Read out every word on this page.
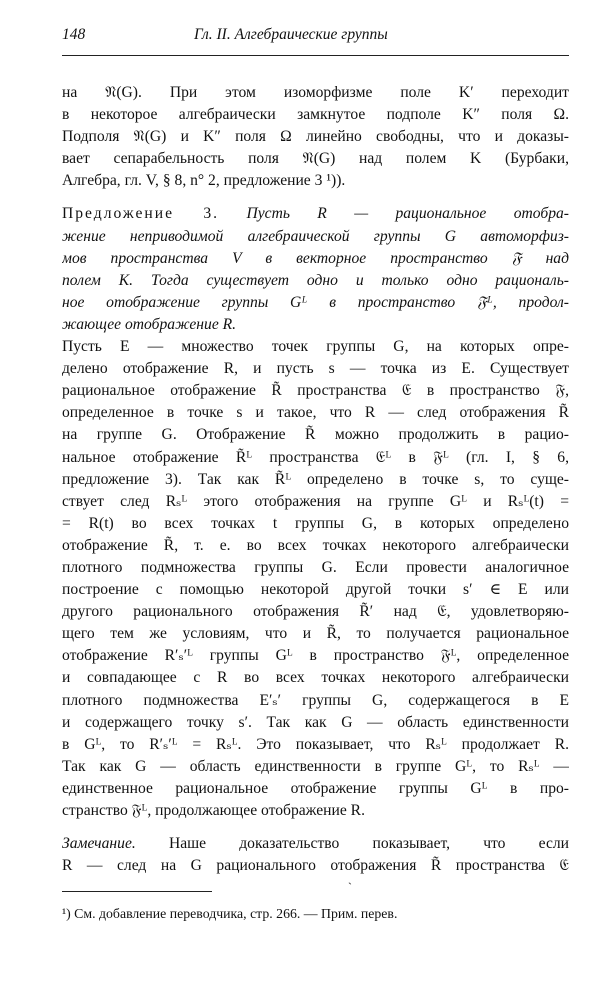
148	Гл. II. Алгебраические группы
на 𝔑(G). При этом изоморфизме поле K′ переходит
в некоторое алгебраически замкнутое подполе K″ поля Ω.
Подполя 𝔑(G) и K″ поля Ω линейно свободны, что и доказы-
вает сепарабельность поля 𝔑(G) над полем K (Бурбаки,
Алгебра, гл. V, § 8, n° 2, предложение 3 ¹)).
Предложение 3. Пусть R — рациональное отобра-
жение неприводимой алгебраической группы G автоморфиз-
мов пространства V в векторное пространство 𝔉 над
полем K. Тогда существует одно и только одно рациональ-
ное отображение группы Gᴸ в пространство 𝔉ᴸ, продол-
жающее отображение R.
Пусть E — множество точек группы G, на которых опре-
делено отображение R, и пусть s — точка из E. Существует
рациональное отображение R̃ пространства 𝔈 в пространство 𝔉,
определенное в точке s и такое, что R — след отображения R̃
на группе G. Отображение R̃ можно продолжить в рацио-
нальное отображение R̃ᴸ пространства 𝔈ᴸ в 𝔉ᴸ (гл. I, § 6,
предложение 3). Так как R̃ᴸ определено в точке s, то суще-
ствует след Rₛᴸ этого отображения на группе Gᴸ и Rₛᴸ(t) =
= R(t) во всех точках t группы G, в которых определено
отображение R̃, т. е. во всех точках некоторого алгебраически
плотного подмножества группы G. Если провести аналогичное
построение с помощью некоторой другой точки s′ ∈ E или
другого рационального отображения R̃′ над 𝔈, удовлетворяю-
щего тем же условиям, что и R̃, то получается рациональное
отображение R′ₛ′ᴸ группы Gᴸ в пространство 𝔉ᴸ, определенное
и совпадающее с R во всех точках некоторого алгебраически
плотного подмножества E′ₛ′ группы G, содержащегося в E
и содержащего точку s′. Так как G — область единственности
в Gᴸ, то R′ₛ′ᴸ = Rₛᴸ. Это показывает, что Rₛᴸ продолжает R.
Так как G — область единственности в группе Gᴸ, то Rₛᴸ —
единственное рациональное отображение группы Gᴸ в про-
странство 𝔉ᴸ, продолжающее отображение R.
Замечание. Наше доказательство показывает, что если
R — след на G рационального отображения R̃ пространства 𝔈
¹) См. добавление переводчика, стр. 266. — Прим. перев.
`
